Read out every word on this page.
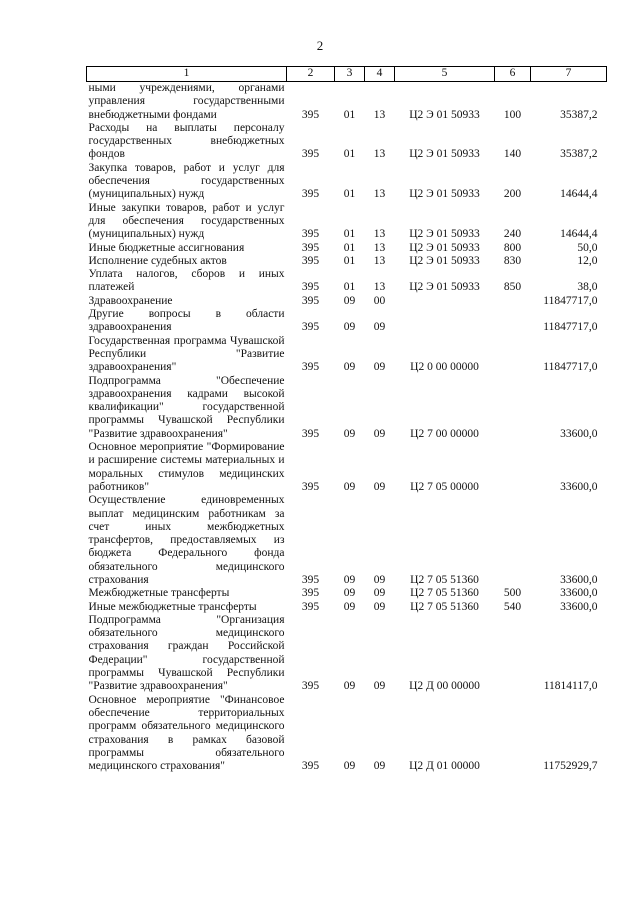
2
1	2	3	4	5	6	7
ными учреждениями, органами управления государственными внебюджетными фондами	395	01	13	Ц2 Э 01 50933	100	35387,2
Расходы на выплаты персоналу государственных внебюджетных фондов	395	01	13	Ц2 Э 01 50933	140	35387,2
Закупка товаров, работ и услуг для обеспечения государственных (муниципальных) нужд	395	01	13	Ц2 Э 01 50933	200	14644,4
Иные закупки товаров, работ и услуг для обеспечения государственных (муниципальных) нужд	395	01	13	Ц2 Э 01 50933	240	14644,4
Иные бюджетные ассигнования	395	01	13	Ц2 Э 01 50933	800	50,0
Исполнение судебных актов	395	01	13	Ц2 Э 01 50933	830	12,0
Уплата налогов, сборов и иных платежей	395	01	13	Ц2 Э 01 50933	850	38,0
Здравоохранение	395	09	00			11847717,0
Другие вопросы в области здравоохранения	395	09	09			11847717,0
Государственная программа Чувашской Республики "Развитие здравоохранения"	395	09	09	Ц2 0 00 00000		11847717,0
Подпрограмма "Обеспечение здравоохранения кадрами высокой квалификации" государственной программы Чувашской Республики "Развитие здравоохранения"	395	09	09	Ц2 7 00 00000		33600,0
Основное мероприятие "Формирование и расширение системы материальных и моральных стимулов медицинских работников"	395	09	09	Ц2 7 05 00000		33600,0
Осуществление единовременных выплат медицинским работникам за счет иных межбюджетных трансфертов, предоставляемых из бюджета Федерального фонда обязательного медицинского страхования	395	09	09	Ц2 7 05 51360		33600,0
Межбюджетные трансферты	395	09	09	Ц2 7 05 51360	500	33600,0
Иные межбюджетные трансферты	395	09	09	Ц2 7 05 51360	540	33600,0
Подпрограмма "Организация обязательного медицинского страхования граждан Российской Федерации" государственной программы Чувашской Республики "Развитие здравоохранения"	395	09	09	Ц2 Д 00 00000		11814117,0
Основное мероприятие "Финансовое обеспечение территориальных программ обязательного медицинского страхования в рамках базовой программы обязательного медицинского страхования"	395	09	09	Ц2 Д 01 00000		11752929,7
